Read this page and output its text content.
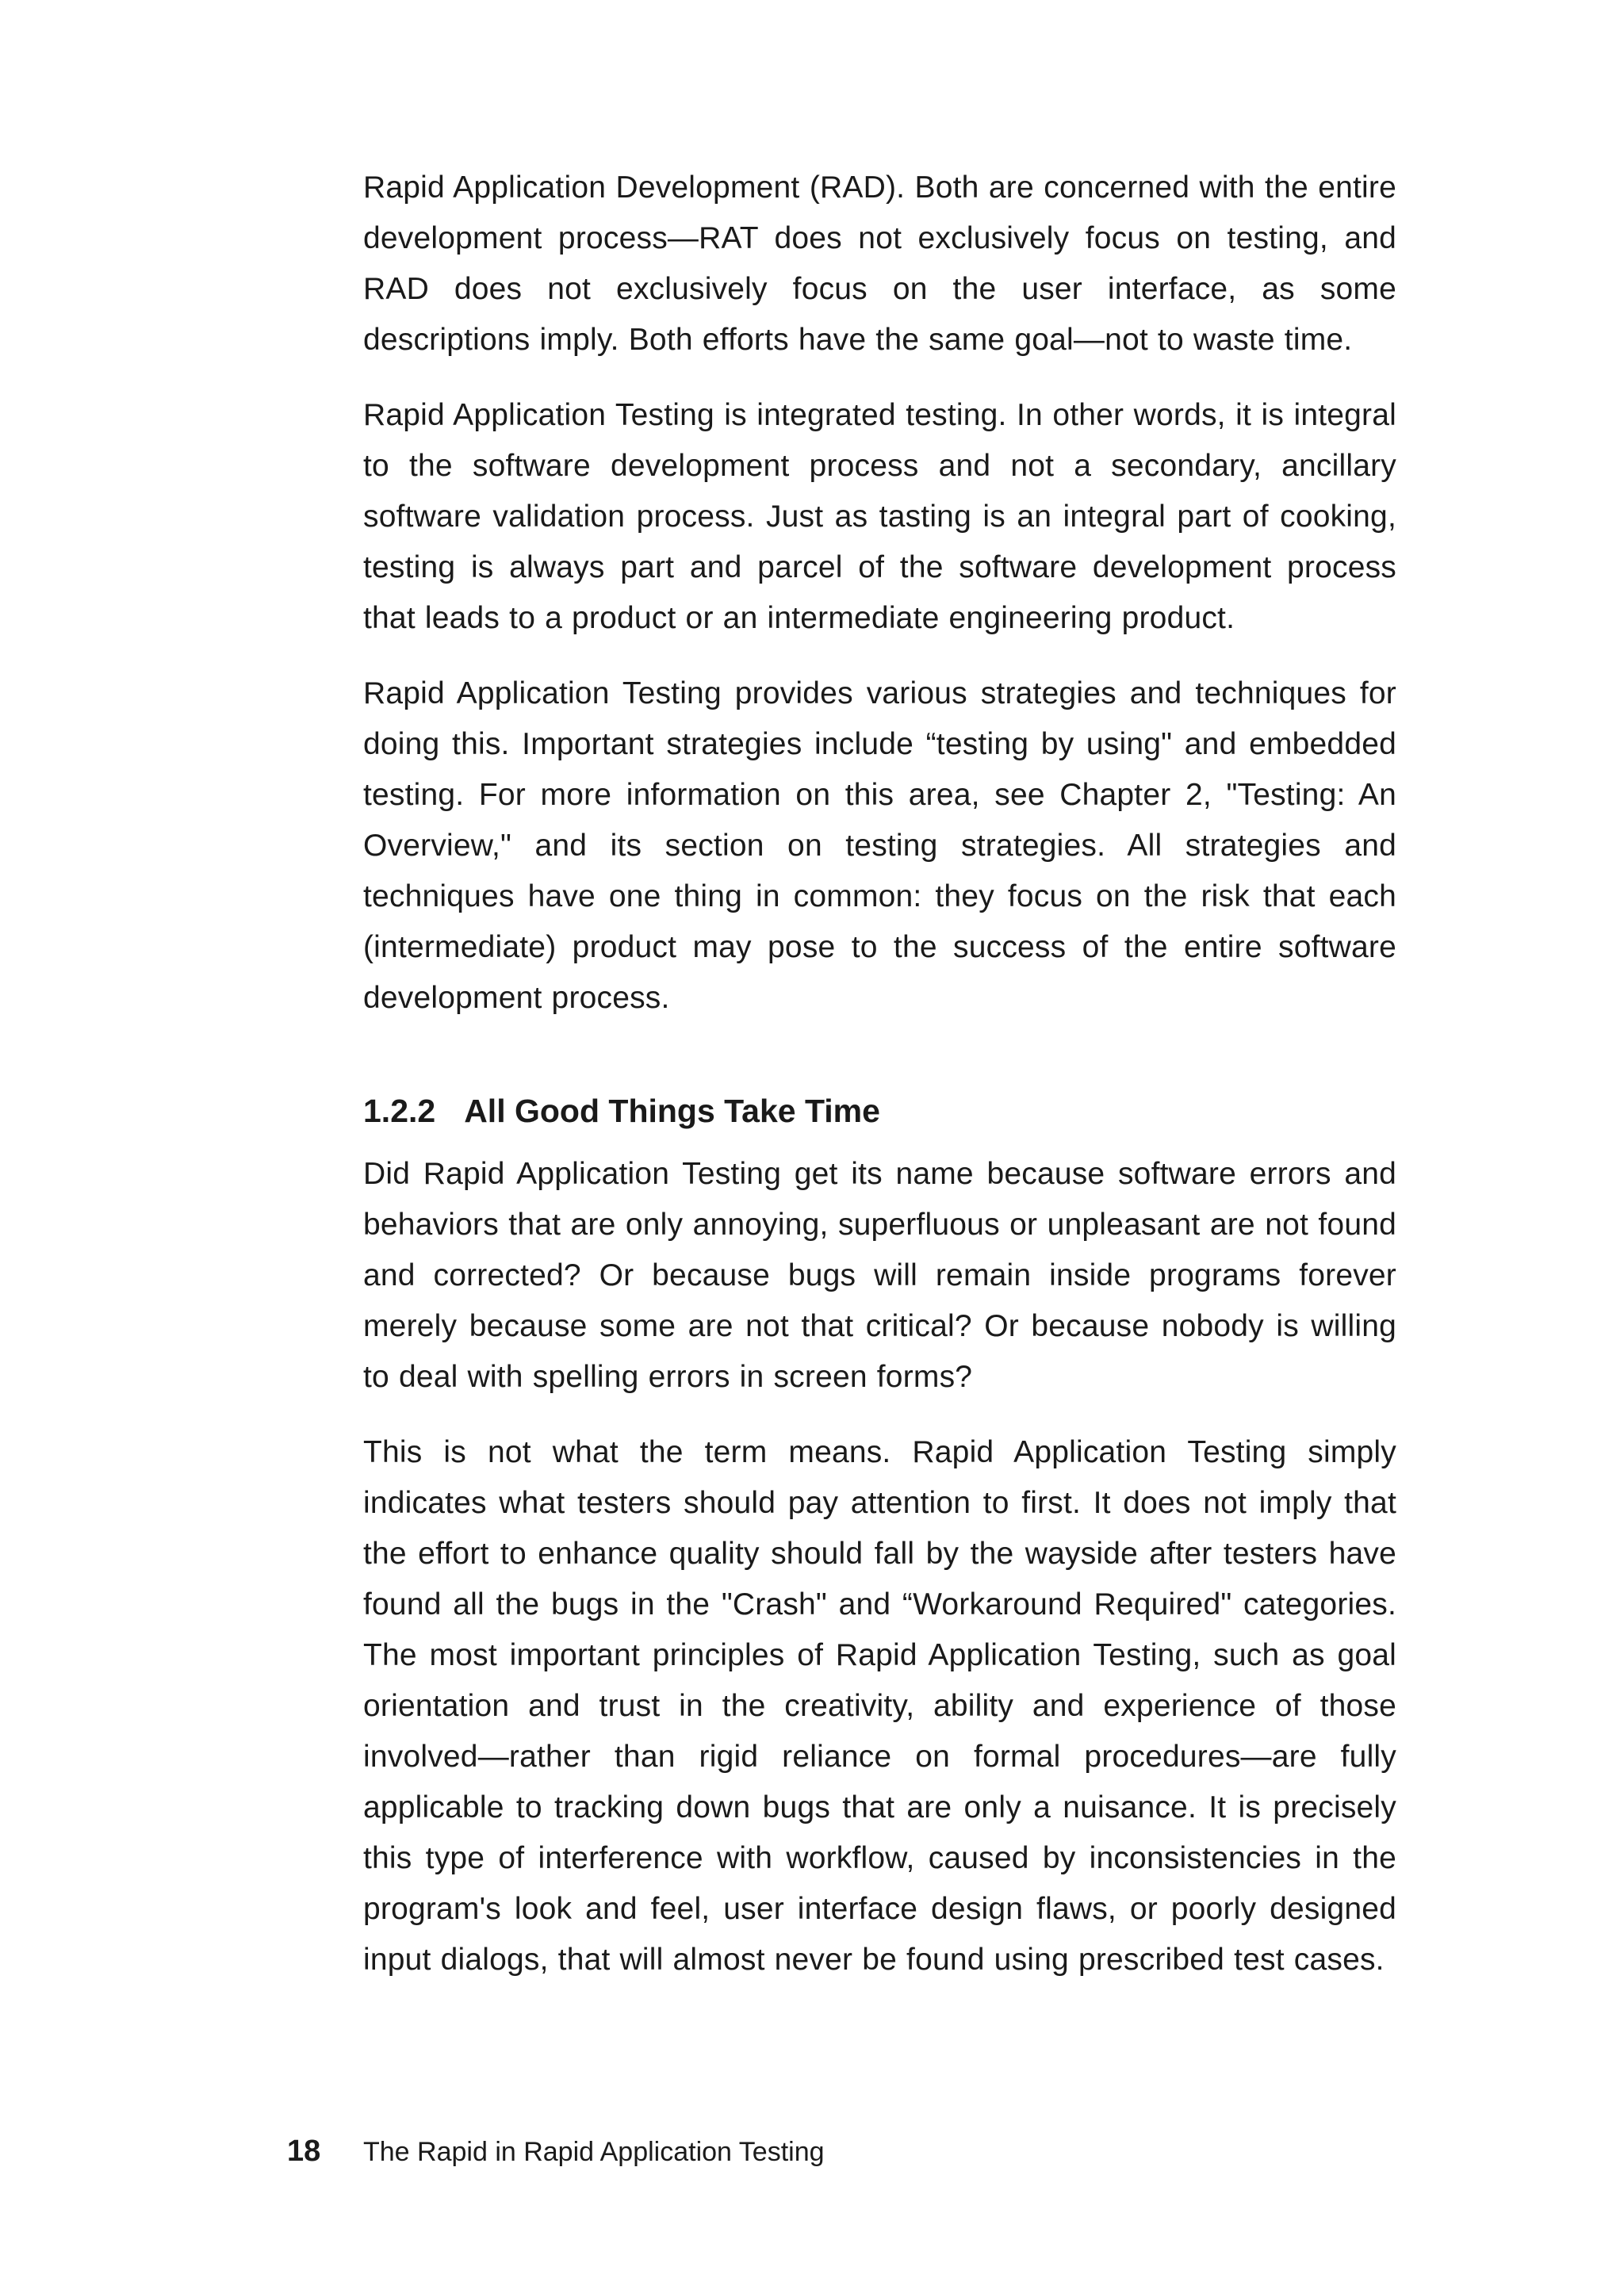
Rapid Application Development (RAD). Both are concerned with the entire development process—RAT does not exclusively focus on testing, and RAD does not exclusively focus on the user interface, as some descriptions imply. Both efforts have the same goal—not to waste time.

Rapid Application Testing is integrated testing. In other words, it is integral to the software development process and not a secondary, ancillary software validation process. Just as tasting is an integral part of cooking, testing is always part and parcel of the software development process that leads to a product or an intermediate engineering product.

Rapid Application Testing provides various strategies and techniques for doing this. Important strategies include “testing by using" and embedded testing. For more information on this area, see Chapter 2, "Testing: An Overview," and its section on testing strategies. All strategies and techniques have one thing in common: they focus on the risk that each (intermediate) product may pose to the success of the entire software development process.

1.2.2 All Good Things Take Time

Did Rapid Application Testing get its name because software errors and behaviors that are only annoying, superfluous or unpleasant are not found and corrected? Or because bugs will remain inside programs forever merely because some are not that critical? Or because nobody is willing to deal with spelling errors in screen forms?

This is not what the term means. Rapid Application Testing simply indicates what testers should pay attention to first. It does not imply that the effort to enhance quality should fall by the wayside after testers have found all the bugs in the "Crash" and “Workaround Required" categories. The most important principles of Rapid Application Testing, such as goal orientation and trust in the creativity, ability and experience of those involved—rather than rigid reliance on formal procedures—are fully applicable to tracking down bugs that are only a nuisance. It is precisely this type of interference with workflow, caused by inconsistencies in the program's look and feel, user interface design flaws, or poorly designed input dialogs, that will almost never be found using prescribed test cases.

18	The Rapid in Rapid Application Testing
